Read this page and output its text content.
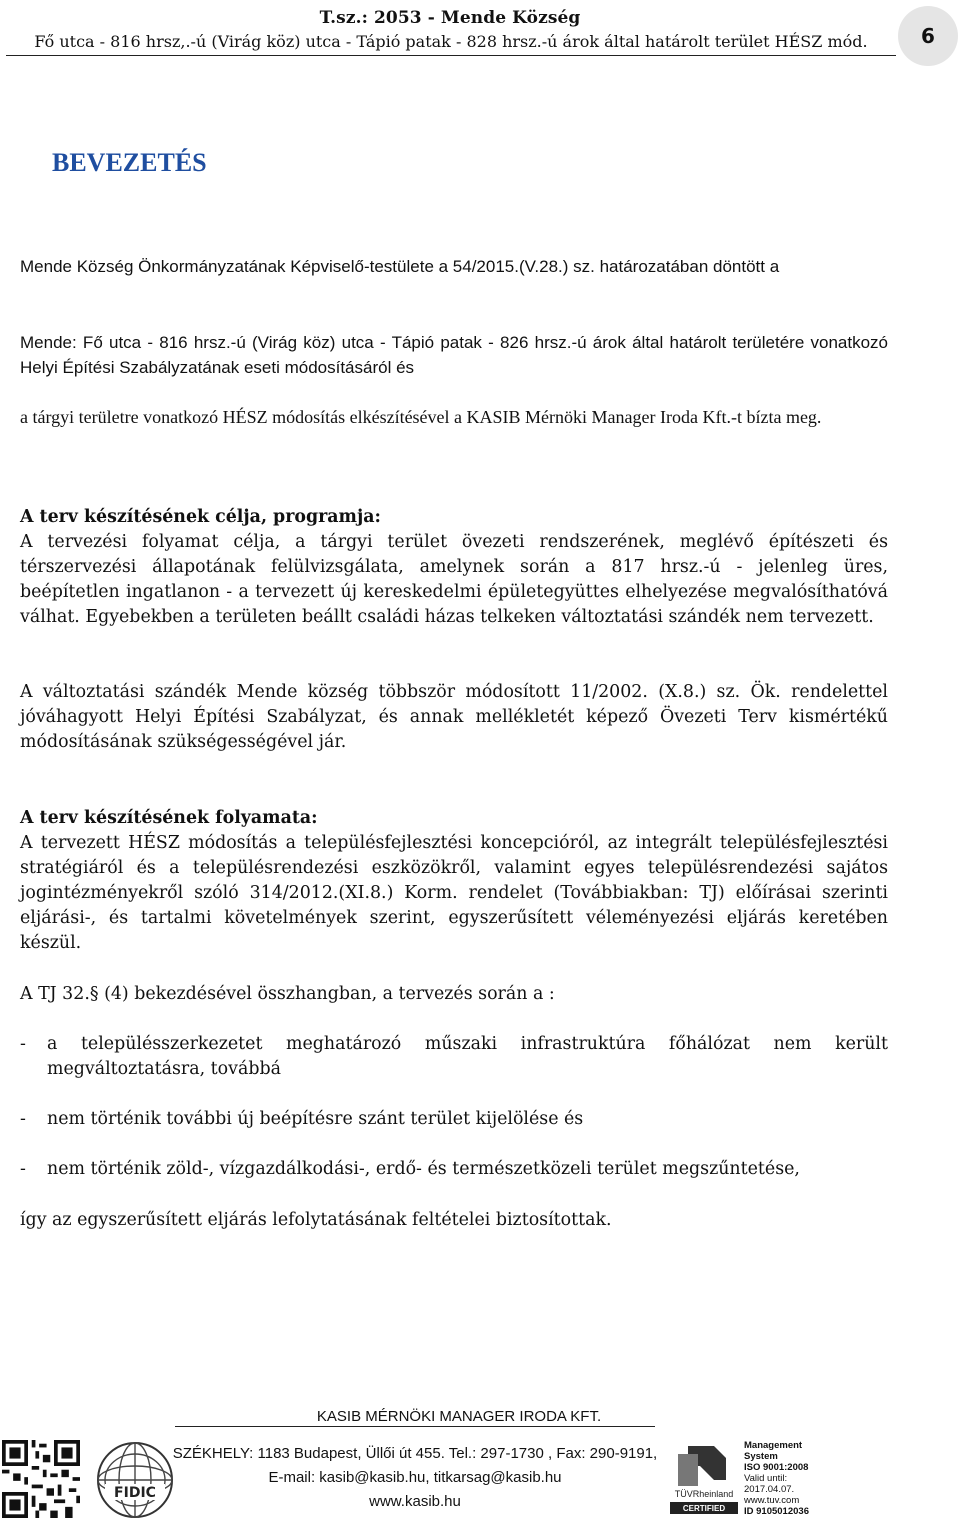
T.sz.: 2053 - Mende Község
Fő utca - 816 hrsz,.-ú (Virág köz) utca - Tápió patak - 828 hrsz.-ú árok által határolt terület HÉSZ mód.	6
BEVEZETÉS
Mende Község Önkormányzatának Képviselő-testülete a 54/2015.(V.28.) sz. határozatában döntött a
Mende: Fő utca - 816 hrsz.-ú (Virág köz) utca - Tápió patak - 826 hrsz.-ú árok által határolt területére vonatkozó Helyi Építési Szabályzatának eseti módosításáról és
a tárgyi területre vonatkozó HÉSZ módosítás elkészítésével a KASIB Mérnöki Manager Iroda Kft.-t bízta meg.
A terv készítésének célja, programja:
A tervezési folyamat célja, a tárgyi terület övezeti rendszerének, meglévő építészeti és térszervezési állapotának felülvizsgálata, amelynek során a 817 hrsz.-ú - jelenleg üres, beépítetlen ingatlanon - a tervezett új kereskedelmi épületegyüttes elhelyezése megvalósíthatóvá válhat. Egyebekben a területen beállt családi házas telkeken változtatási szándék nem tervezett.
A változtatási szándék Mende község többször módosított 11/2002. (X.8.) sz. Ök. rendelettel jóváhagyott Helyi Építési Szabályzat, és annak mellékletét képező Övezeti Terv kismértékű módosításának szükségességével jár.
A terv készítésének folyamata:
A tervezett HÉSZ módosítás a településfejlesztési koncepcióról, az integrált településfejlesztési stratégiáról és a településrendezési eszközökről, valamint egyes településrendezési sajátos jogintézményekről szóló 314/2012.(XI.8.) Korm. rendelet (Továbbiakban: TJ) előírásai szerinti eljárási-, és tartalmi követelmények szerint, egyszerűsített véleményezési eljárás keretében készül.
A TJ 32.§ (4) bekezdésével összhangban, a tervezés során a :
- a településszerkezetet meghatározó műszaki infrastruktúra főhálózat nem került megváltoztatásra, továbbá
- nem történik további új beépítésre szánt terület kijelölése és
- nem történik zöld-, vízgazdálkodási-, erdő- és természetközeli terület megszűntetése,
így az egyszerűsített eljárás lefolytatásának feltételei biztosítottak.
FIDIC
KASIB MÉRNÖKI MANAGER IRODA KFT.
SZÉKHELY: 1183 Budapest, Üllői út 455. Tel.: 297-1730 , Fax: 290-9191,
E-mail: kasib@kasib.hu, titkarsag@kasib.hu
www.kasib.hu	TÜVRheinland
CERTIFIED
Management
System
ISO 9001:2008
Valid until:
2017.04.07.
www.tuv.com
ID 9105012036
